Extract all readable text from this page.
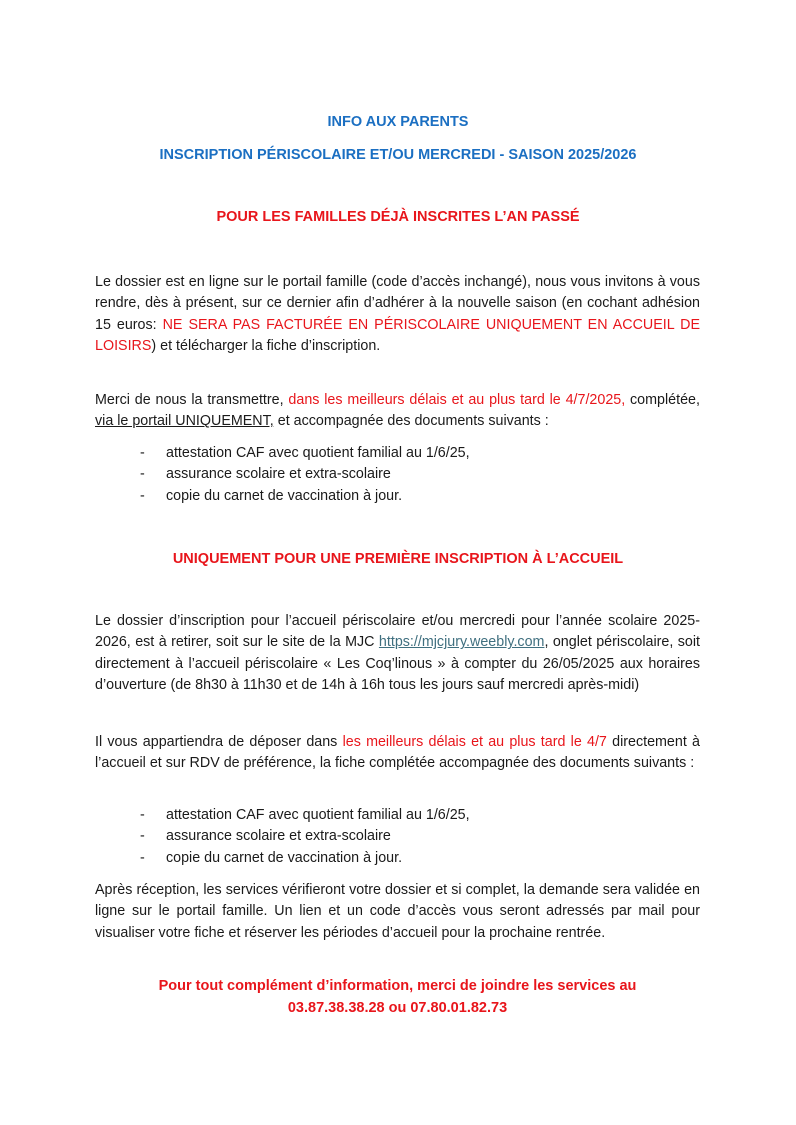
INFO AUX PARENTS

INSCRIPTION PÉRISCOLAIRE ET/OU MERCREDI - SAISON 2025/2026

POUR LES FAMILLES DÉJÀ INSCRITES L’AN PASSÉ

Le dossier est en ligne sur le portail famille (code d’accès inchangé), nous vous invitons à vous rendre, dès à présent, sur ce dernier afin d’adhérer à la nouvelle saison (en cochant adhésion 15 euros: NE SERA PAS FACTURÉE EN PÉRISCOLAIRE UNIQUEMENT EN ACCUEIL DE LOISIRS) et télécharger la fiche d’inscription.

Merci de nous la transmettre, dans les meilleurs délais et au plus tard le 4/7/2025, complétée, via le portail UNIQUEMENT, et accompagnée des documents suivants :

- attestation CAF avec quotient familial au 1/6/25,
- assurance scolaire et extra-scolaire
- copie du carnet de vaccination à jour.

UNIQUEMENT POUR UNE PREMIÈRE INSCRIPTION À L’ACCUEIL

Le dossier d’inscription pour l’accueil périscolaire et/ou mercredi pour l’année scolaire 2025-2026, est à retirer, soit sur le site de la MJC https://mjcjury.weebly.com, onglet périscolaire, soit directement à l’accueil périscolaire « Les Coq’linous » à compter du 26/05/2025 aux horaires d’ouverture (de 8h30 à 11h30 et de 14h à 16h tous les jours sauf mercredi après-midi)

Il vous appartiendra de déposer dans les meilleurs délais et au plus tard le 4/7 directement à l’accueil et sur RDV de préférence, la fiche complétée accompagnée des documents suivants :

- attestation CAF avec quotient familial au 1/6/25,
- assurance scolaire et extra-scolaire
- copie du carnet de vaccination à jour.

Après réception, les services vérifieront votre dossier et si complet, la demande sera validée en ligne sur le portail famille. Un lien et un code d’accès vous seront adressés par mail pour visualiser votre fiche et réserver les périodes d’accueil pour la prochaine rentrée.

Pour tout complément d’information, merci de joindre les services au
03.87.38.38.28 ou 07.80.01.82.73
